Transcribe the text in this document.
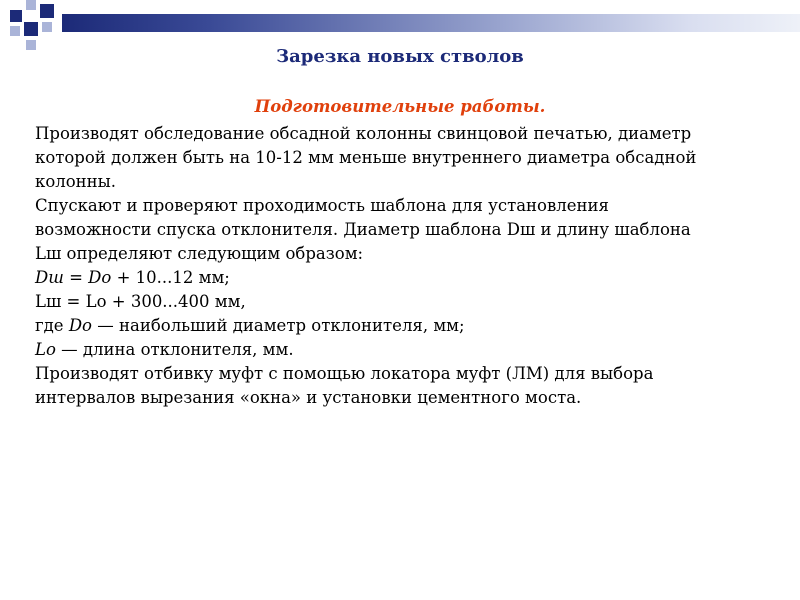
Зарезка новых стволов
Подготовительные работы.
Производят обследование обсадной колонны свинцовой печатью, диаметр
которой должен быть на 10-12 мм меньше внутреннего диаметра обсадной
колонны.
Спускают и проверяют проходимость шаблона для установления
возможности спуска отклонителя. Диаметр шаблона Dш и длину шаблона
Lш определяют следующим образом:
Dш = Dо + 10...12 мм;
Lш = Lо + 300...400 мм,
где Dо — наибольший диаметр отклонителя, мм;
Lо — длина отклонителя, мм.
Производят отбивку муфт с помощью локатора муфт (ЛМ) для выбора
интервалов вырезания «окна» и установки цементного моста.
